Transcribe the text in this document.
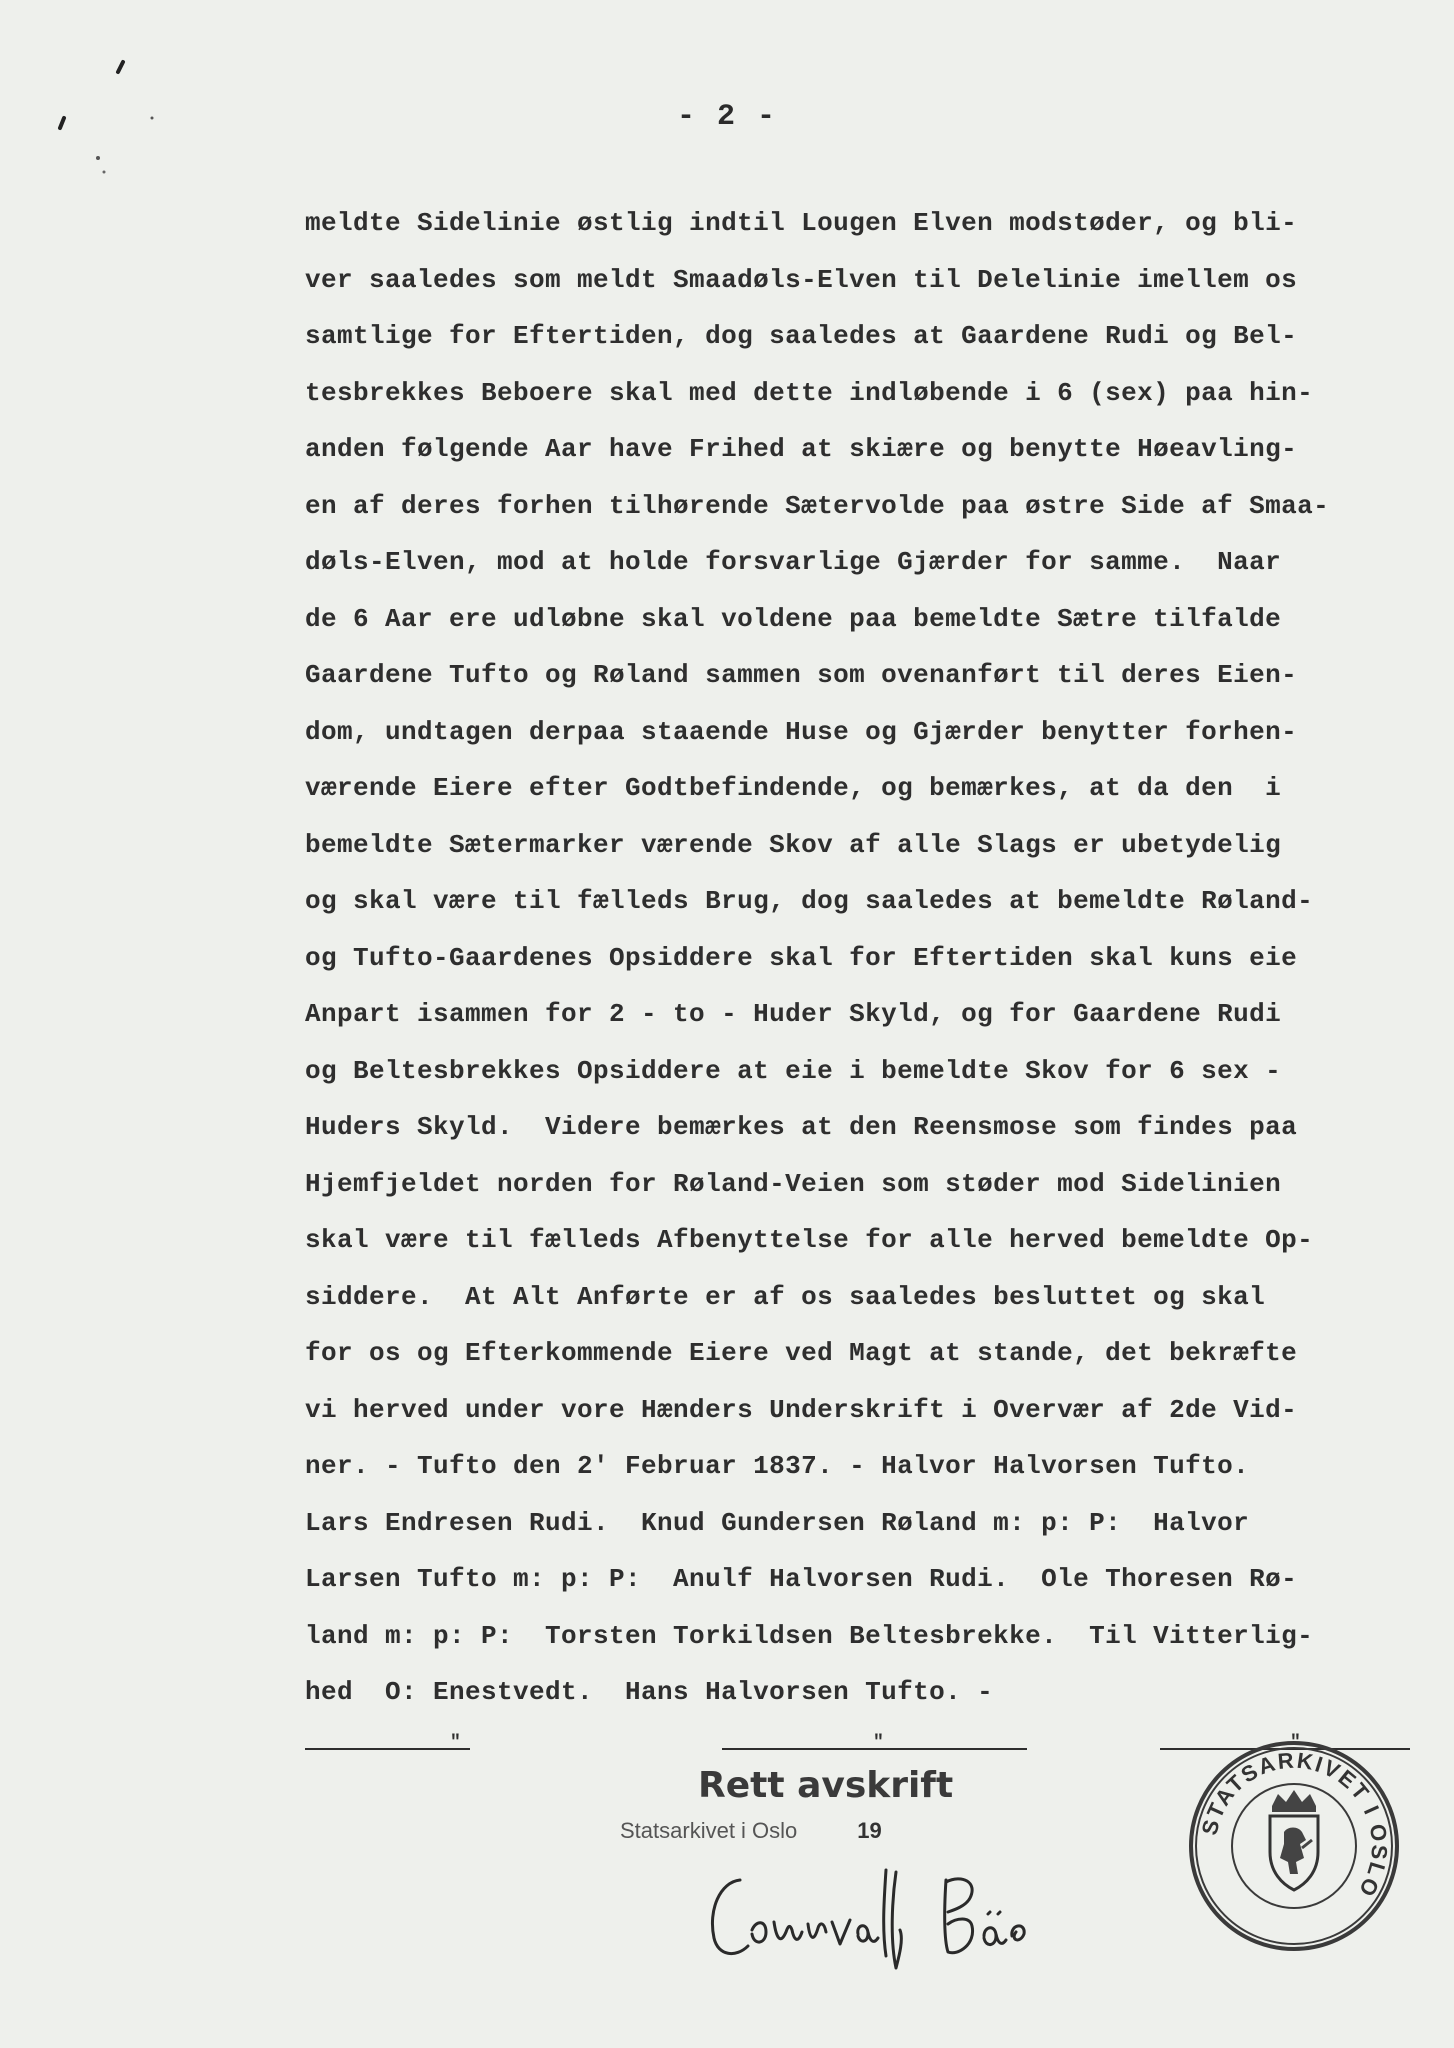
- 2 -
meldte Sidelinie østlig indtil Lougen Elven modstøder, og bli-
ver saaledes som meldt Smaadøls-Elven til Delelinie imellem os
samtlige for Eftertiden, dog saaledes at Gaardene Rudi og Bel-
tesbrekkes Beboere skal med dette indløbende i 6 (sex) paa hin-
anden følgende Aar have Frihed at skiære og benytte Høeavling-
en af deres forhen tilhørende Sætervolde paa østre Side af Smaa-
døls-Elven, mod at holde forsvarlige Gjærder for samme.  Naar
de 6 Aar ere udløbne skal voldene paa bemeldte Sætre tilfalde
Gaardene Tufto og Røland sammen som ovenanført til deres Eien-
dom, undtagen derpaa staaende Huse og Gjærder benytter forhen-
værende Eiere efter Godtbefindende, og bemærkes, at da den  i
bemeldte Sætermarker værende Skov af alle Slags er ubetydelig
og skal være til fælleds Brug, dog saaledes at bemeldte Røland-
og Tufto-Gaardenes Opsiddere skal for Eftertiden skal kuns eie
Anpart isammen for 2 - to - Huder Skyld, og for Gaardene Rudi
og Beltesbrekkes Opsiddere at eie i bemeldte Skov for 6 sex -
Huders Skyld.  Videre bemærkes at den Reensmose som findes paa
Hjemfjeldet norden for Røland-Veien som støder mod Sidelinien
skal være til fælleds Afbenyttelse for alle herved bemeldte Op-
siddere.  At Alt Anførte er af os saaledes besluttet og skal
for os og Efterkommende Eiere ved Magt at stande, det bekræfte
vi herved under vore Hænders Underskrift i Overvær af 2de Vid-
ner. - Tufto den 2' Februar 1837. - Halvor Halvorsen Tufto.
Lars Endresen Rudi.  Knud Gundersen Røland m: p: P:  Halvor
Larsen Tufto m: p: P:  Anulf Halvorsen Rudi.  Ole Thoresen Rø-
land m: p: P:  Torsten Torkildsen Beltesbrekke.  Til Vitterlig-
hed  O: Enestvedt.  Hans Halvorsen Tufto. -
"	"	"
Rett avskrift
Statsarkivet i Oslo	19	STATSARKIVET I OSLO
